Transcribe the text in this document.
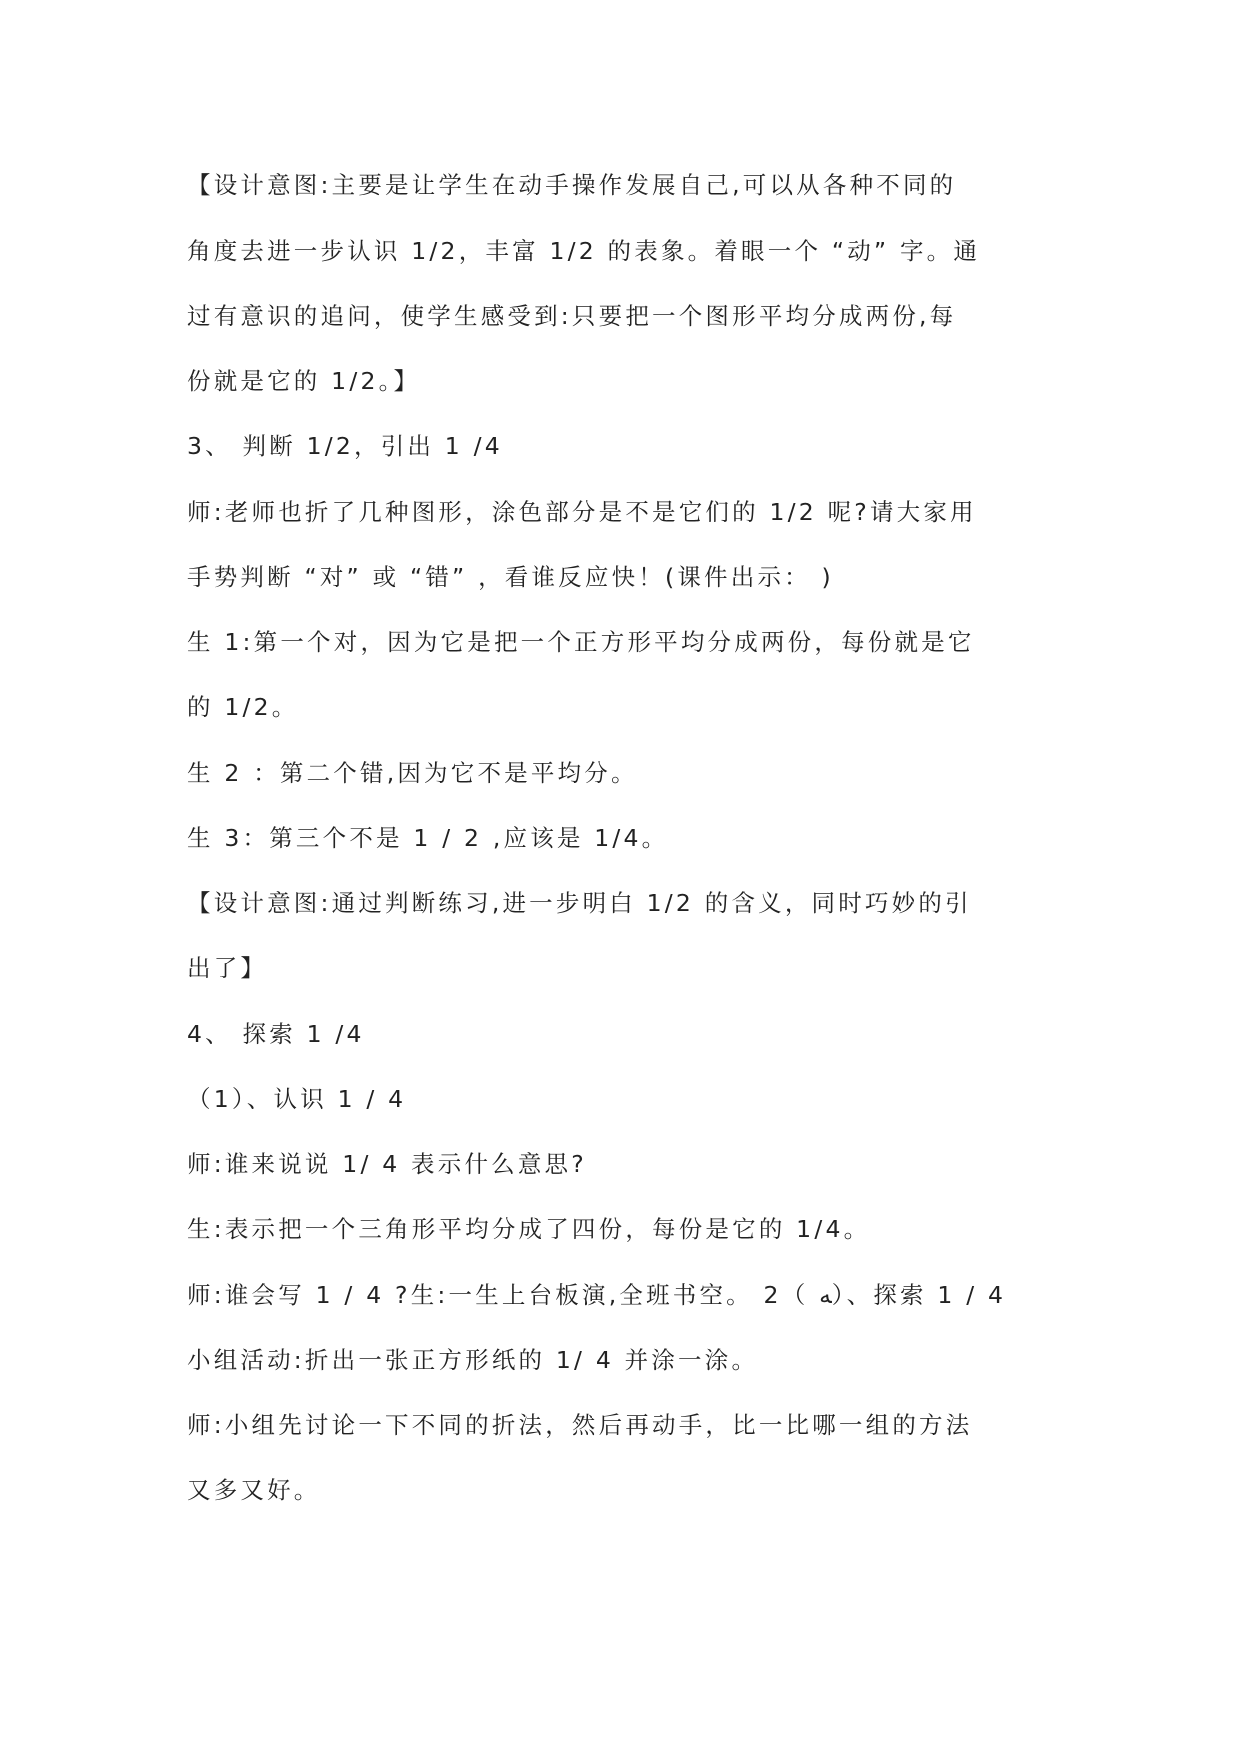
【设计意图:主要是让学生在动手操作发展自己,可以从各种不同的
角度去进一步认识 1/2，丰富 1/2 的表象。着眼一个 “动” 字。通
过有意识的追问，使学生感受到:只要把一个图形平均分成两份,每
份就是它的 1/2。】
3、 判断 1/2，引出 1 /4
师:老师也折了几种图形，涂色部分是不是它们的 1/2 呢?请大家用
手势判断 “对” 或 “错” ，看谁反应快！(课件出示： )
生 1:第一个对，因为它是把一个正方形平均分成两份，每份就是它
的 1/2。
生 2 ：第二个错,因为它不是平均分。
生 3：第三个不是 1 / 2 ,应该是 1/4。
【设计意图:通过判断练习,进一步明白 1/2 的含义，同时巧妙的引
出了】
4、 探索 1 /4
（1）、认识 1 / 4
师:谁来说说 1/ 4 表示什么意思?
生:表示把一个三角形平均分成了四份，每份是它的 1/4。
师:谁会写 1 / 4 ?生:一生上台板演,全班书空。 2（ ﻪ）、探索 1 / 4
小组活动:折出一张正方形纸的 1/ 4 并涂一涂。
师:小组先讨论一下不同的折法，然后再动手，比一比哪一组的方法
又多又好。
